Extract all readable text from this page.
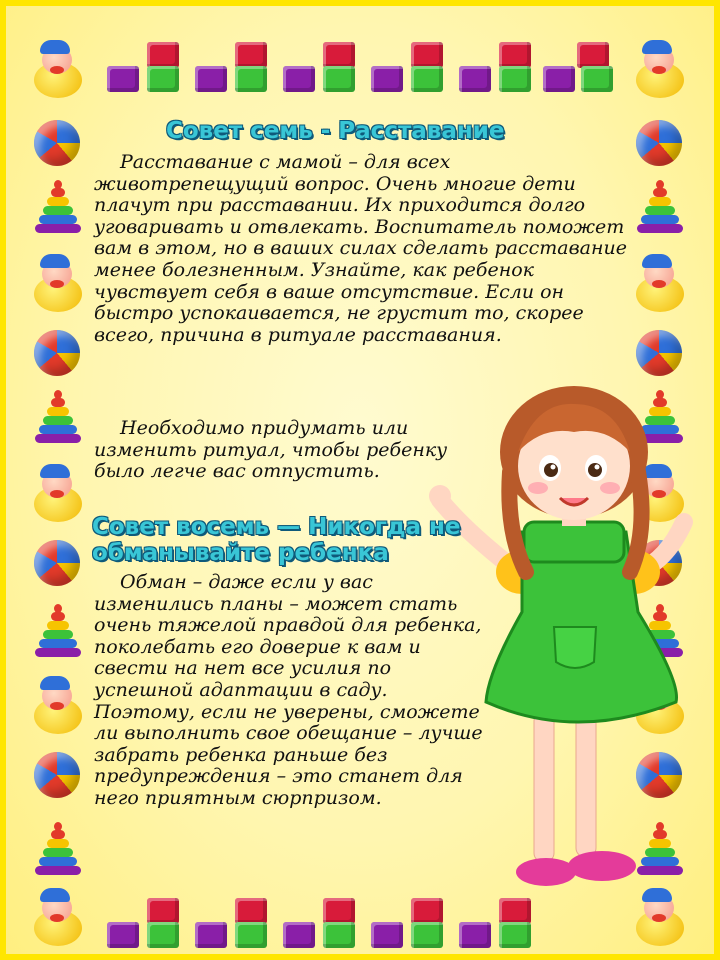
Совет семь - Расставание

Расставание с мамой – для всех животрепещущий вопрос. Очень многие дети плачут при расставании. Их приходится долго уговаривать и отвлекать. Воспитатель поможет вам в этом, но в ваших силах сделать расставание менее болезненным. Узнайте, как ребенок чувствует себя в ваше отсутствие. Если он быстро успокаивается, не грустит то, скорее всего, причина в ритуале расставания.

Необходимо придумать или изменить ритуал, чтобы ребенку было легче вас отпустить.

Совет восемь — Никогда не обманывайте ребенка

Обман – даже если у вас изменились планы – может стать очень тяжелой правдой для ребенка, поколебать его доверие к вам и свести на нет все усилия по успешной адаптации в саду. Поэтому, если не уверены, сможете ли выполнить свое обещание – лучше забрать ребенка раньше без предупреждения – это станет для него приятным сюрпризом.
